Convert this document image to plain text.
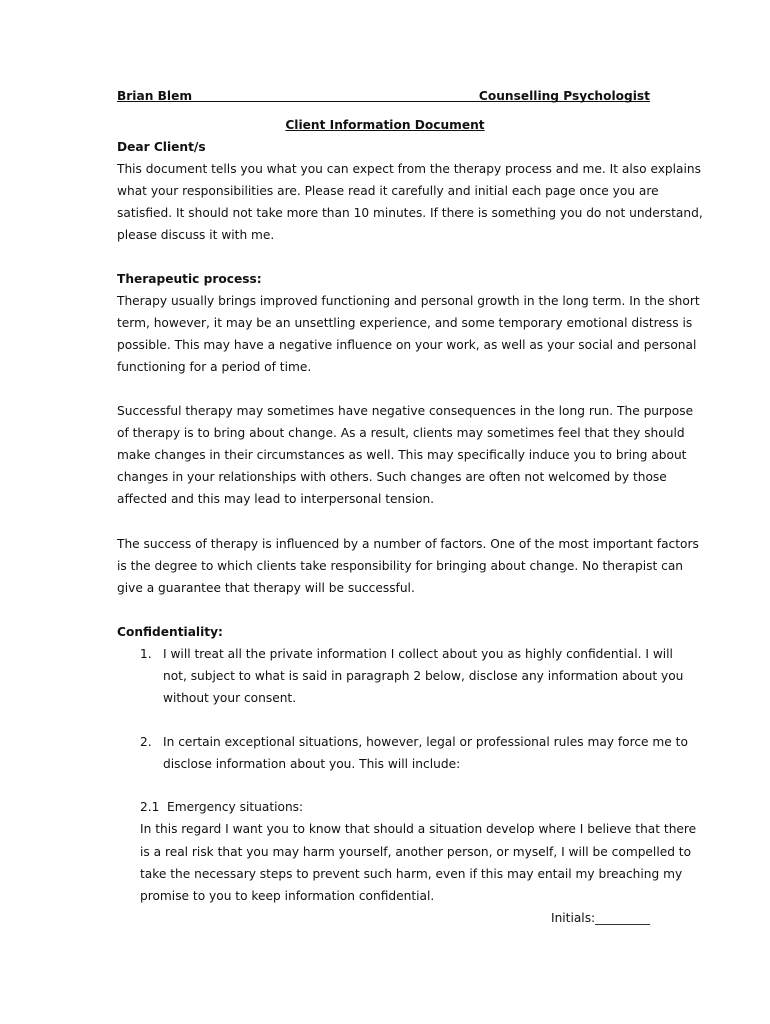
Brian Blem	Counselling Psychologist
Client Information Document
Dear Client/s
This document tells you what you can expect from the therapy process and me. It also explains
what your responsibilities are. Please read it carefully and initial each page once you are
satisfied. It should not take more than 10 minutes. If there is something you do not understand,
please discuss it with me.
Therapeutic process:
Therapy usually brings improved functioning and personal growth in the long term. In the short
term, however, it may be an unsettling experience, and some temporary emotional distress is
possible. This may have a negative influence on your work, as well as your social and personal
functioning for a period of time.
Successful therapy may sometimes have negative consequences in the long run. The purpose
of therapy is to bring about change. As a result, clients may sometimes feel that they should
make changes in their circumstances as well. This may specifically induce you to bring about
changes in your relationships with others. Such changes are often not welcomed by those
affected and this may lead to interpersonal tension.
The success of therapy is influenced by a number of factors. One of the most important factors
is the degree to which clients take responsibility for bringing about change. No therapist can
give a guarantee that therapy will be successful.
Confidentiality:
1. I will treat all the private information I collect about you as highly confidential. I will
not, subject to what is said in paragraph 2 below, disclose any information about you
without your consent.
2. In certain exceptional situations, however, legal or professional rules may force me to
disclose information about you. This will include:
2.1 Emergency situations:
In this regard I want you to know that should a situation develop where I believe that there
is a real risk that you may harm yourself, another person, or myself, I will be compelled to
take the necessary steps to prevent such harm, even if this may entail my breaching my
promise to you to keep information confidential.
Initials:_________
